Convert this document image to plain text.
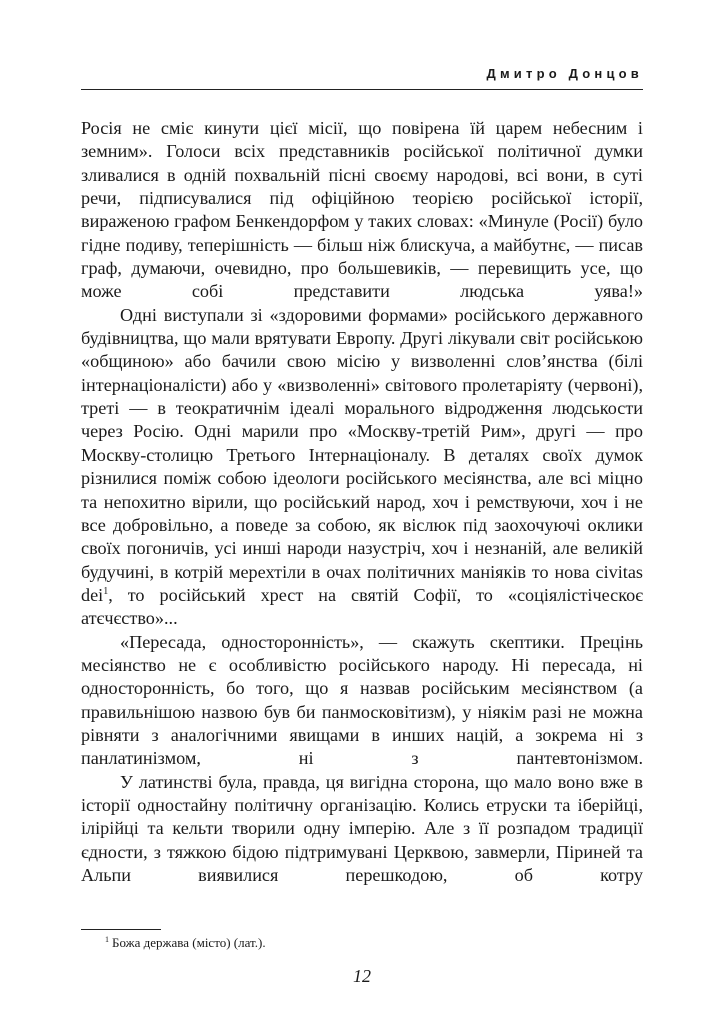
Дмитро Донцов

Росія не сміє кинути цієї місії, що повірена їй царем небесним і земним». Голоси всіх представників російської політичної думки зливалися в одній похвальній пісні своєму народові, всі вони, в суті речи, підписувалися під офіційною теорією російської історії, вираженою графом Бенкендорфом у таких словах: «Минуле (Росії) було гідне подиву, теперішність — більш ніж блискуча, а майбутнє, — писав граф, думаючи, очевидно, про большевиків, — перевищить усе, що може собі представити людська уява!»

Одні виступали зі «здоровими формами» російського державного будівництва, що мали врятувати Европу. Другі лікували світ російською «общиною» або бачили свою місію у визволенні слов’янства (білі інтернаціоналісти) або у «визволенні» світового пролетаріяту (червоні), треті — в теократичнім ідеалі морального відродження людськости через Росію. Одні марили про «Москву-третій Рим», другі — про Москву-столицю Третього Інтернаціоналу. В деталях своїх думок різнилися поміж собою ідеологи російського месіянства, але всі міцно та непохитно вірили, що російський народ, хоч і ремствуючи, хоч і не все добровільно, а поведе за собою, як віслюк під заохочуючі оклики своїх погоничів, усі инші народи назустріч, хоч і незнаній, але великій будучині, в котрій мерехтіли в очах політичних маніяків то нова civitas dei$^1$, то російський хрест на святій Софії, то «соціялістіческоє атєчєство»...

«Пересада, односторонність», — скажуть скептики. Прецінь месіянство не є особливістю російського народу. Ні пересада, ні односторонність, бо того, що я назвав російським месіянством (а правильнішою назвою був би панмосковітизм), у ніякім разі не можна рівняти з аналогічними явищами в инших націй, а зокрема ні з панлатинізмом, ні з пантевтонізмом.

У латинстві була, правда, ця вигідна сторона, що мало воно вже в історії одностайну політичну організацію. Колись етруски та іберійці, ілірійці та кельти творили одну імперію. Але з її розпадом традиції єдности, з тяжкою бідою підтримувані Церквою, завмерли, Піриней та Альпи виявилися перешкодою, об котру

$^1$ Божа держава (місто) (лат.).
12
